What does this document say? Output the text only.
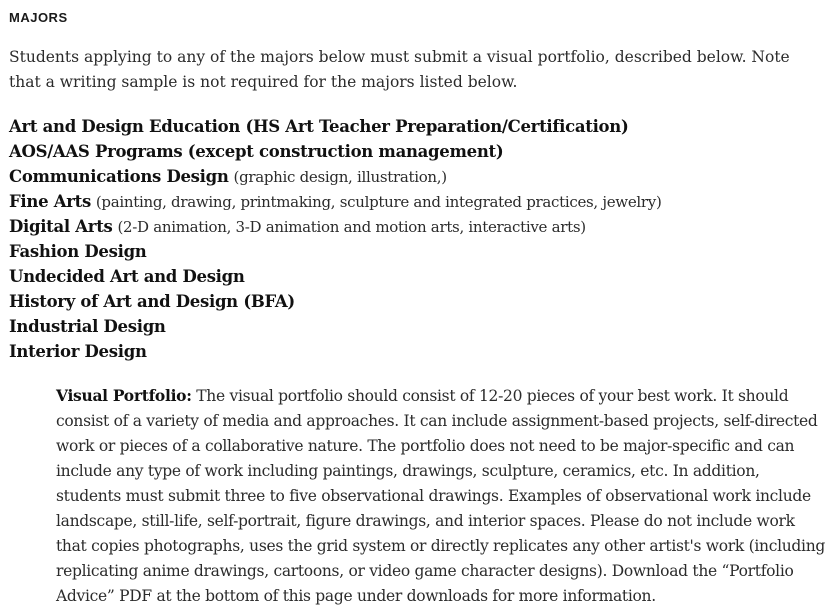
MAJORS

Students applying to any of the majors below must submit a visual portfolio, described below. Note that a writing sample is not required for the majors listed below.

Art and Design Education (HS Art Teacher Preparation/Certification)
AOS/AAS Programs (except construction management)
Communications Design (graphic design, illustration,)
Fine Arts (painting, drawing, printmaking, sculpture and integrated practices, jewelry)
Digital Arts (2-D animation, 3-D animation and motion arts, interactive arts)
Fashion Design
Undecided Art and Design
History of Art and Design (BFA)
Industrial Design
Interior Design

Visual Portfolio: The visual portfolio should consist of 12-20 pieces of your best work. It should consist of a variety of media and approaches. It can include assignment-based projects, self-directed work or pieces of a collaborative nature. The portfolio does not need to be major-specific and can include any type of work including paintings, drawings, sculpture, ceramics, etc. In addition, students must submit three to five observational drawings. Examples of observational work include landscape, still-life, self-portrait, figure drawings, and interior spaces. Please do not include work that copies photographs, uses the grid system or directly replicates any other artist's work (including replicating anime drawings, cartoons, or video game character designs). Download the “Portfolio Advice” PDF at the bottom of this page under downloads for more information.
